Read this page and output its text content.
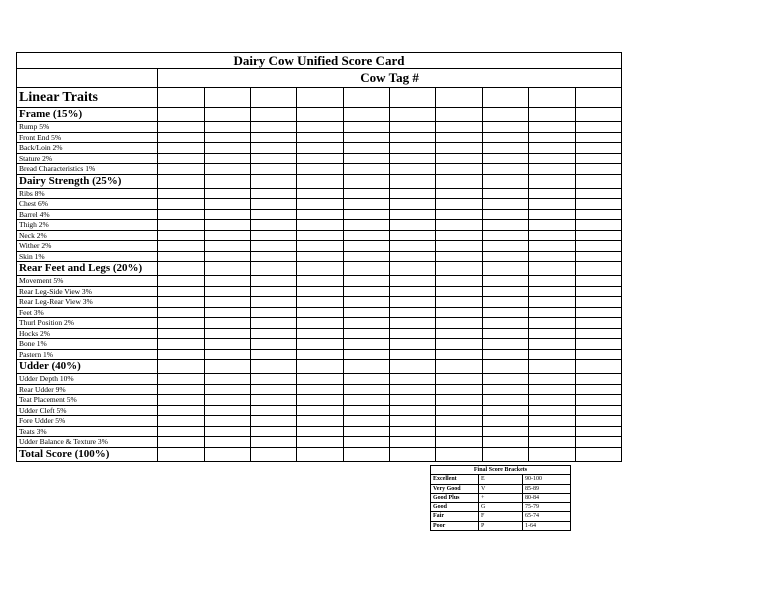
Dairy Cow Unified Score Card										
	Cow Tag #									
Linear Traits										
Frame (15%)										
Rump 5%										
Front End 5%										
Back/Loin 2%										
Stature 2%										
Bread Characteristics 1%										
Dairy Strength (25%)										
Ribs 8%										
Chest 6%										
Barrel 4%										
Thigh 2%										
Neck 2%										
Wither 2%										
Skin 1%										
Rear Feet and Legs (20%)										
Movement 5%										
Rear Leg-Side View 3%										
Rear Leg-Rear View 3%										
Feet 3%										
Thurl Position 2%										
Hocks 2%										
Bone 1%										
Pastern 1%										
Udder (40%)										
Udder Depth 10%										
Rear Udder 9%										
Teat Placement 5%										
Udder Cleft 5%										
Fore Udder 5%										
Teats 3%										
Udder Balance & Texture 3%										
Total Score (100%)										
Final Score Brackets		
Excellent	E	90-100
Very Good	V	85-89
Good Plus	+	80-84
Good	G	75-79
Fair	F	65-74
Poor	P	1-64
